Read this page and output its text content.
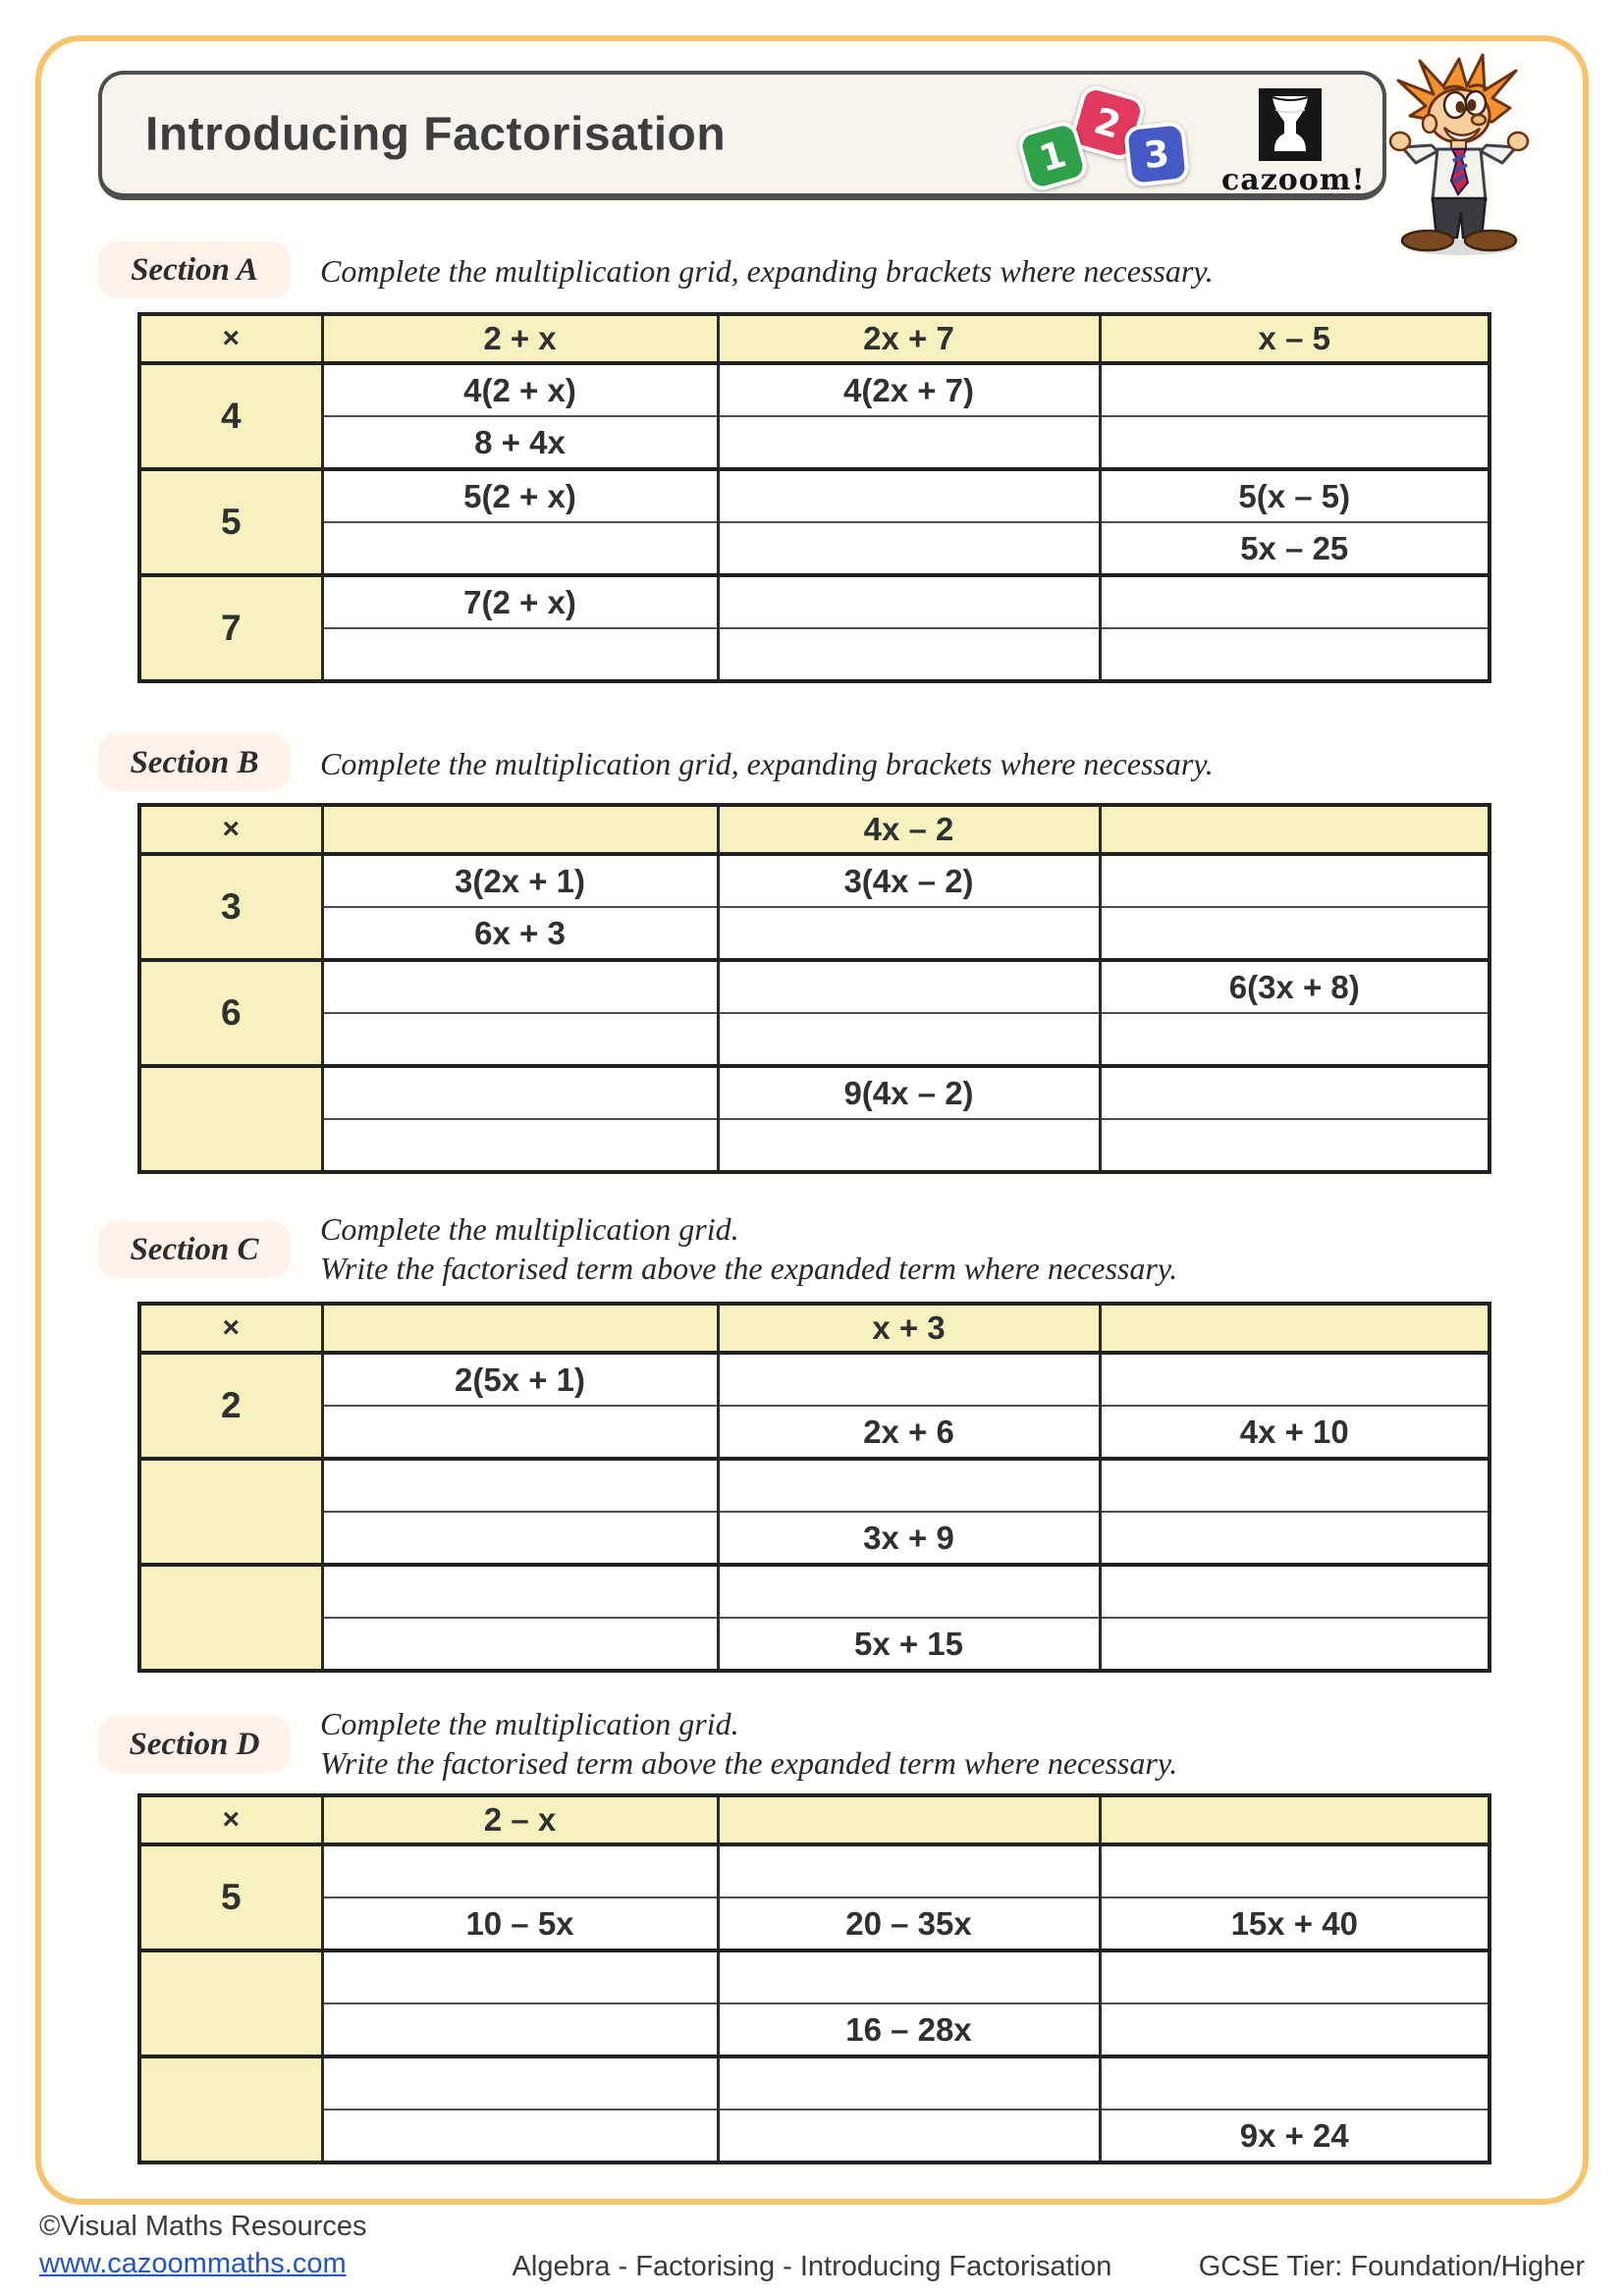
Introducing Factorisation	2
1 3
cazoom!
Section A	Complete the multiplication grid, expanding brackets where necessary.
×	2 + x	2x + 7	x – 5
4	4(2 + x)	4(2x + 7)	
	8 + 4x		
5	5(2 + x)		5(x – 5)
			5x – 25
7	7(2 + x)		

Section B	Complete the multiplication grid, expanding brackets where necessary.
×		4x – 2	
3	3(2x + 1)	3(4x – 2)	
	6x + 3		
6			6(3x + 8)

		9(4x – 2)	

Section C
Complete the multiplication grid.
Write the factorised term above the expanded term where necessary.
×		x + 3	
2	2(5x + 1)		
		2x + 6	4x + 10

		3x + 9	

		5x + 15	
Section D
Complete the multiplication grid.
Write the factorised term above the expanded term where necessary.
×	2 – x		
5			
	10 – 5x	20 – 35x	15x + 40

		16 – 28x	

			9x + 24
©Visual Maths Resources
www.cazoommaths.com	Algebra - Factorising - Introducing Factorisation	GCSE Tier: Foundation/Higher
